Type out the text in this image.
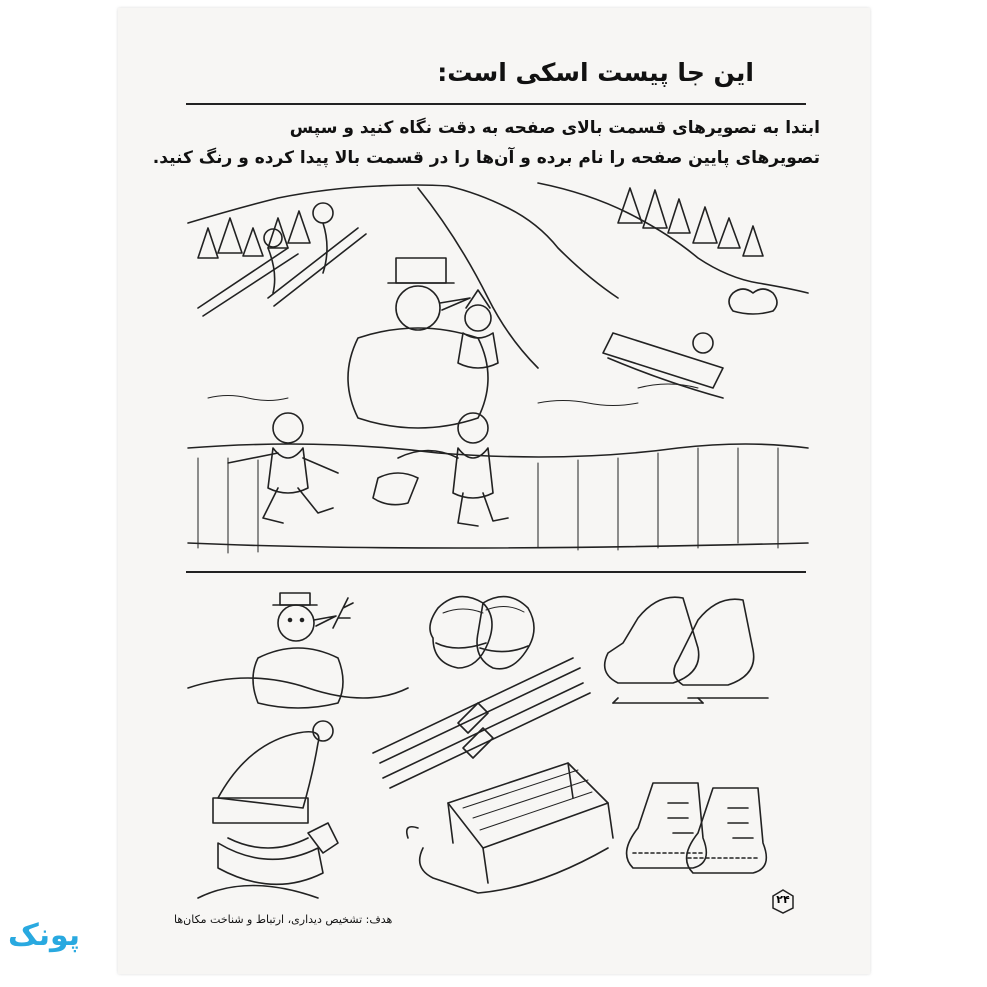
این جا پیست اسکی است:
ابتدا به تصویرهای قسمت بالای صفحه به دقت نگاه کنید و سپس
تصویرهای پایین صفحه را نام برده و آن‌ها را در قسمت بالا پیدا کرده و رنگ کنید.
۲۴
هدف: تشخیص دیداری، ارتباط و شناخت مکان‌ها
پونک
